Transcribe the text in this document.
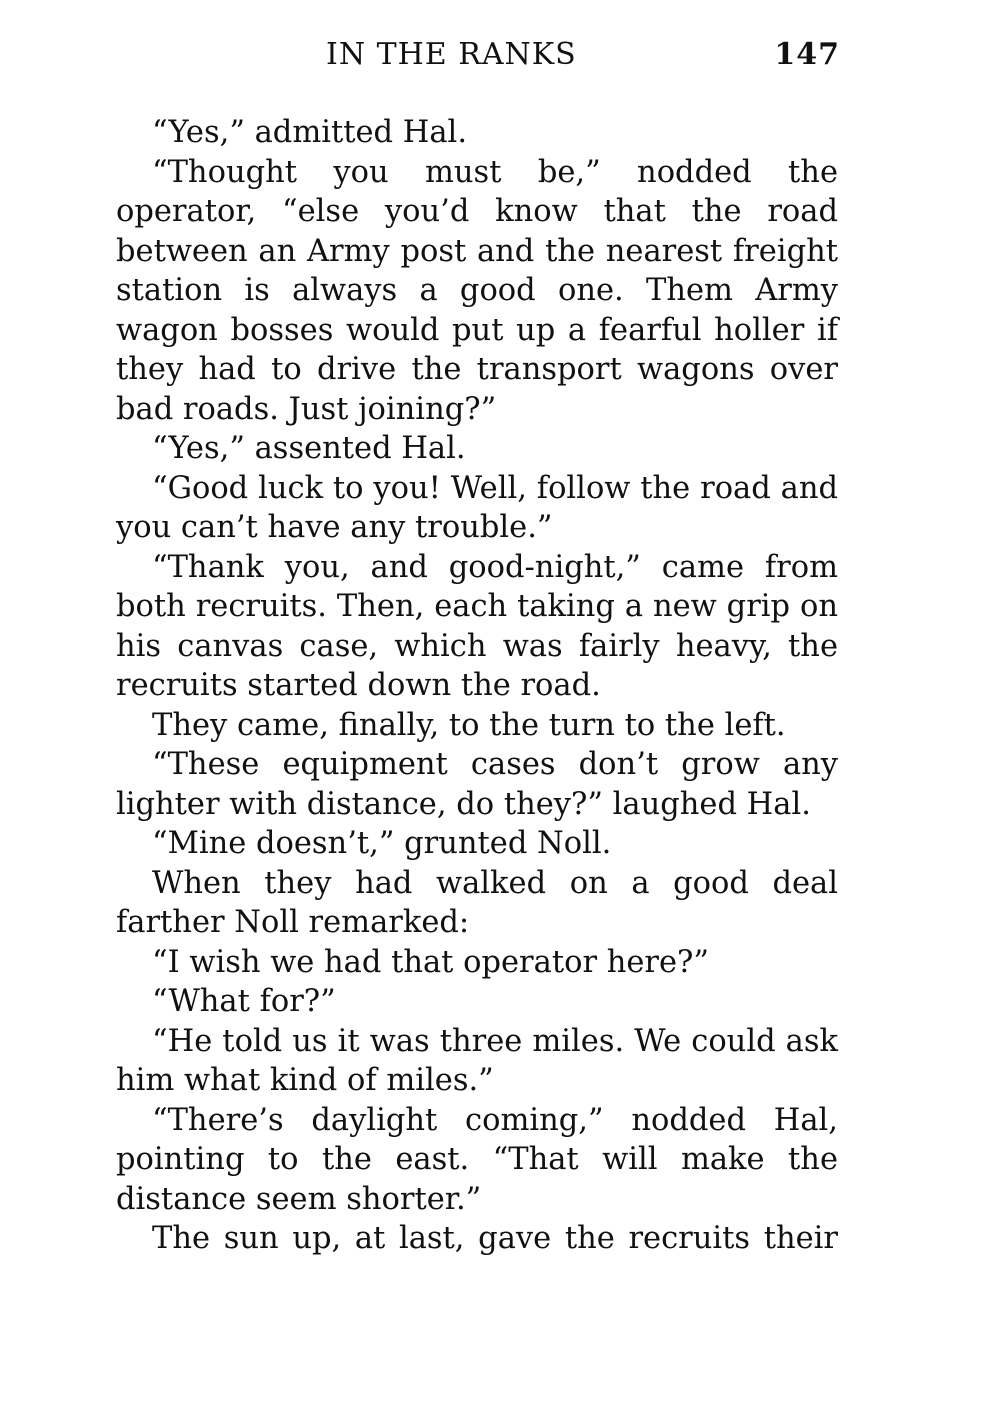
IN THE RANKS	147

“Yes,” admitted Hal.

“Thought you must be,” nodded the operator, “else you’d know that the road between an Army post and the nearest freight station is always a good one. Them Army wagon bosses would put up a fearful holler if they had to drive the transport wagons over bad roads. Just joining?”

“Yes,” assented Hal.

“Good luck to you! Well, follow the road and you can’t have any trouble.”

“Thank you, and good-night,” came from both recruits. Then, each taking a new grip on his canvas case, which was fairly heavy, the recruits started down the road.

They came, finally, to the turn to the left.

“These equipment cases don’t grow any lighter with distance, do they?” laughed Hal.

“Mine doesn’t,” grunted Noll.

When they had walked on a good deal farther Noll remarked:

“I wish we had that operator here?”

“What for?”

“He told us it was three miles. We could ask him what kind of miles.”

“There’s daylight coming,” nodded Hal, pointing to the east. “That will make the distance seem shorter.”

The sun up, at last, gave the recruits their
